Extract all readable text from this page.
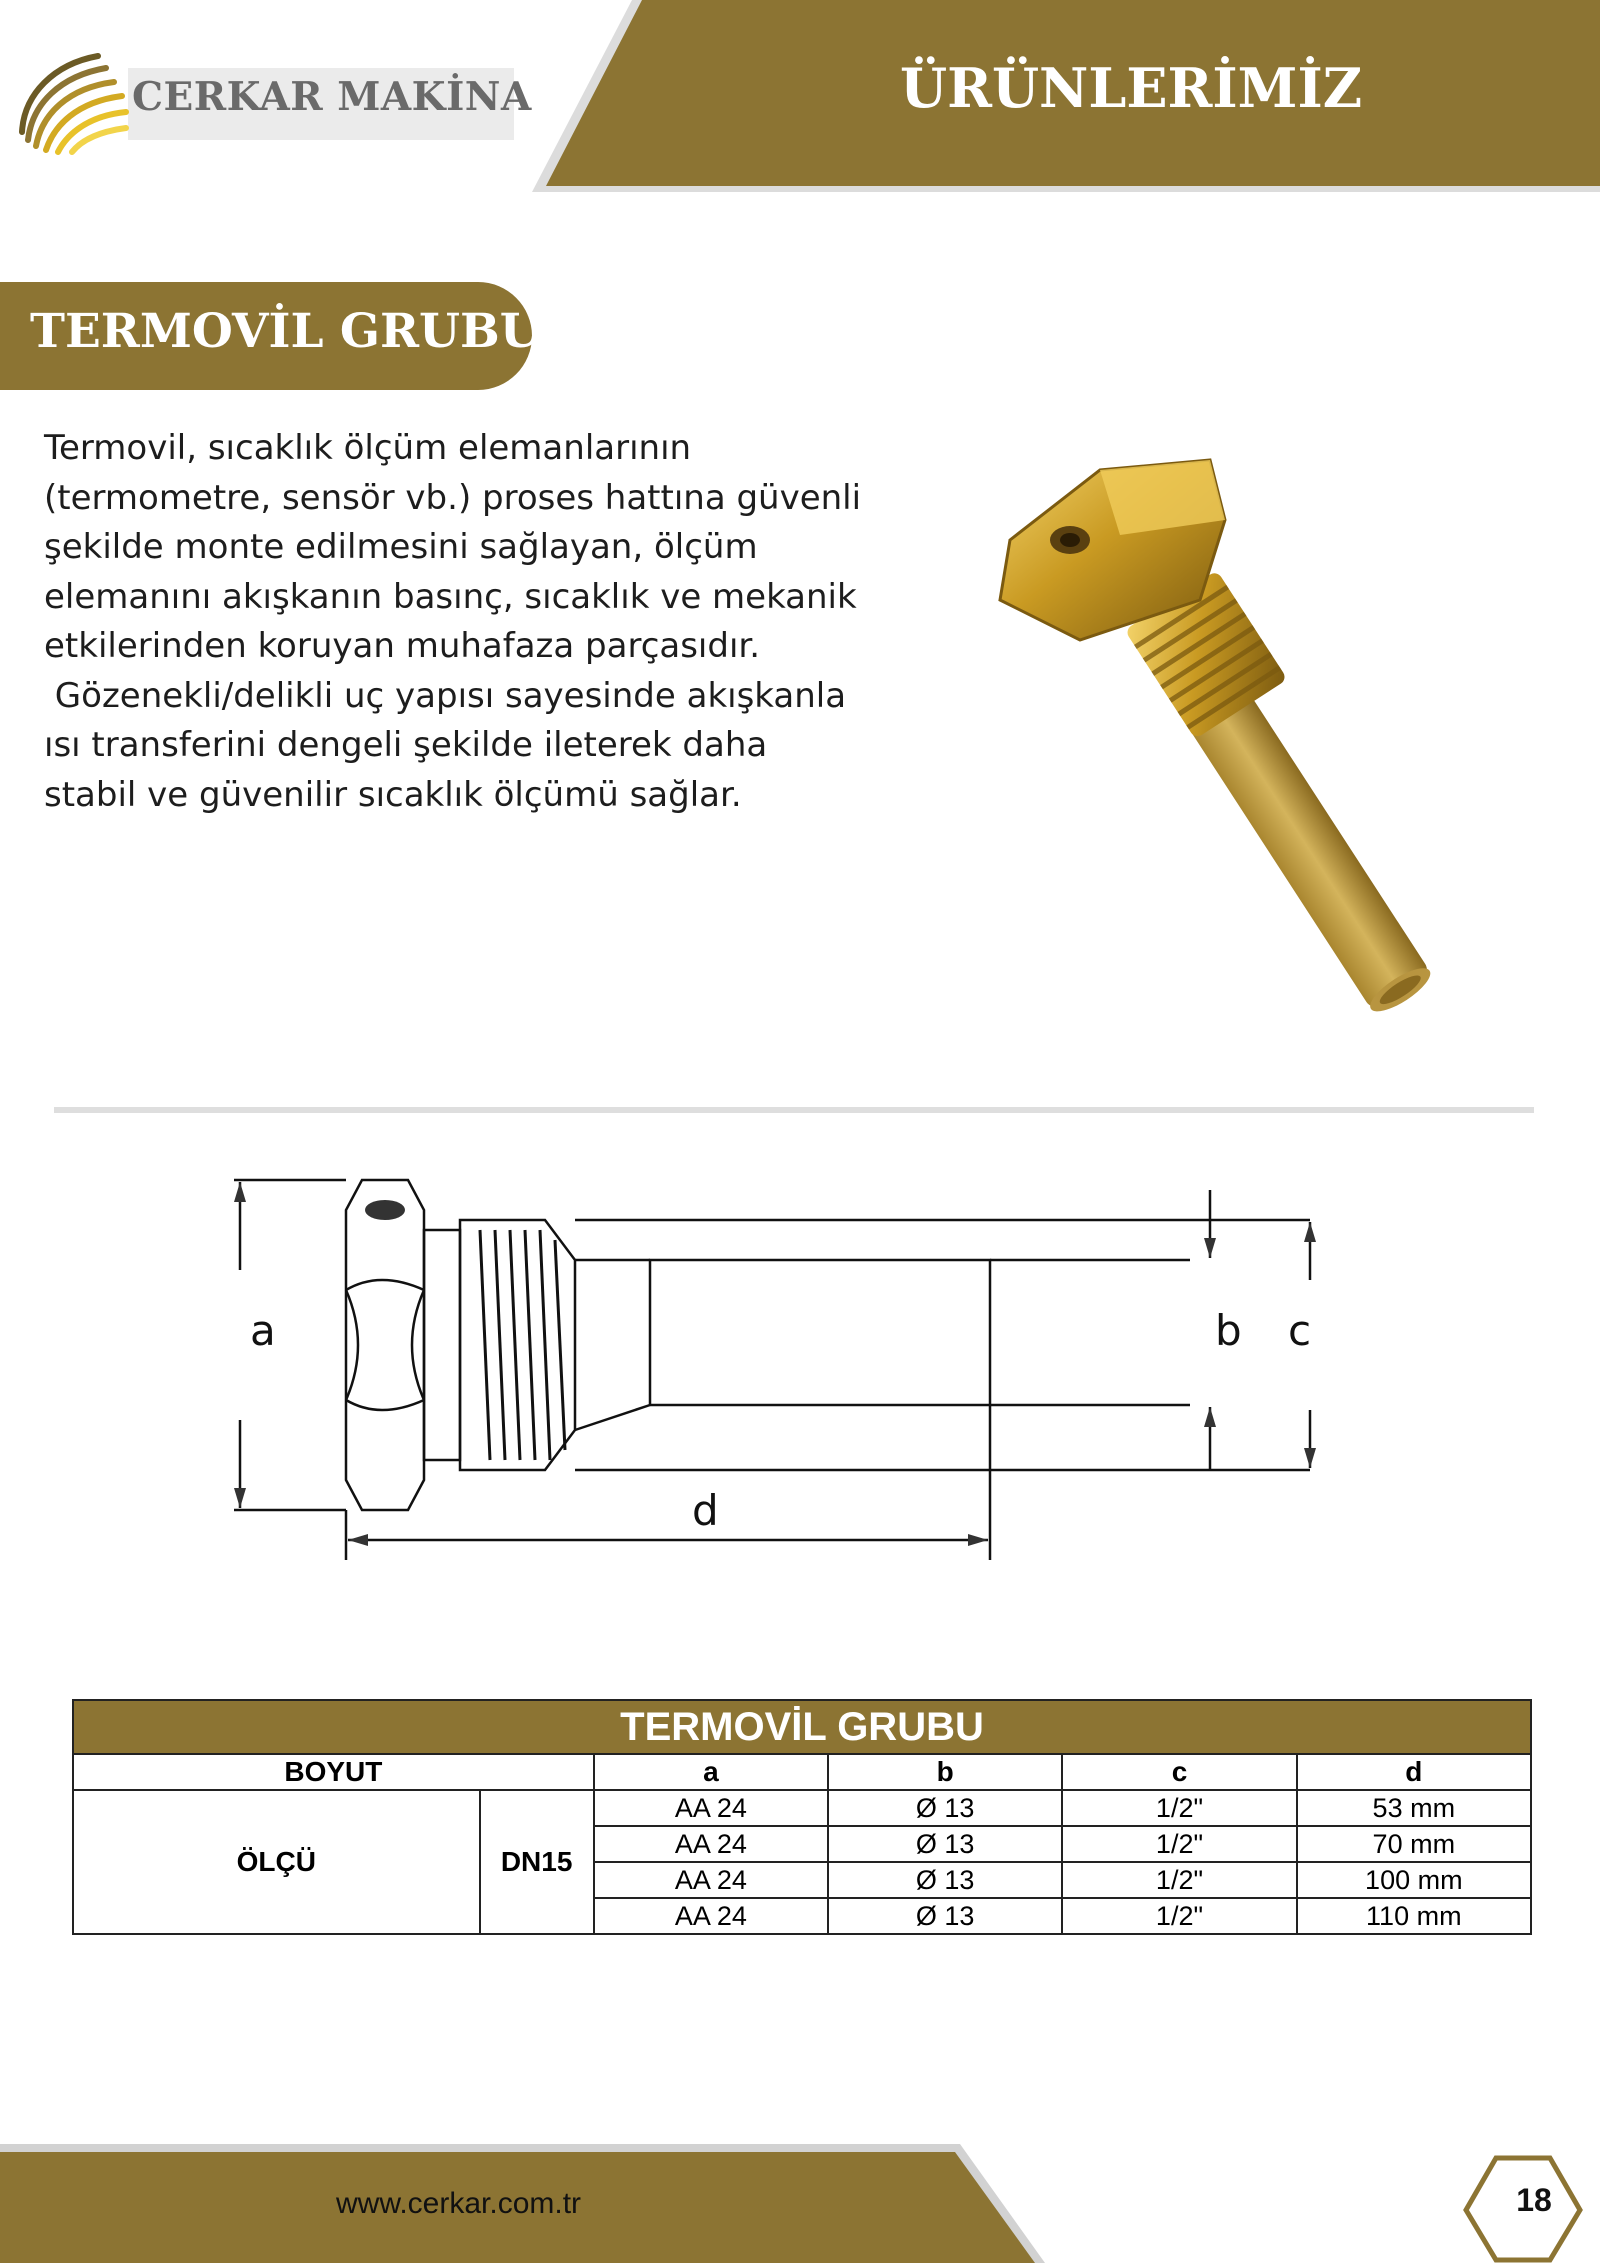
CERKAR MAKİNA	ÜRÜNLERİMİZ
TERMOVİL GRUBU
Termovil, sıcaklık ölçüm elemanlarının
(termometre, sensör vb.) proses hattına güvenli
şekilde monte edilmesini sağlayan, ölçüm
elemanını akışkanın basınç, sıcaklık ve mekanik
etkilerinden koruyan muhafaza parçasıdır.
Gözenekli/delikli uç yapısı sayesinde akışkanla
ısı transferini dengeli şekilde ileterek daha
stabil ve güvenilir sıcaklık ölçümü sağlar.
a	b c
d
TERMOVİL GRUBU					
BOYUT		a	b	c	d
ÖLÇÜ	DN15	AA 24	Ø 13	1/2"	53 mm
		AA 24	Ø 13	1/2"	70 mm
		AA 24	Ø 13	1/2"	100 mm
		AA 24	Ø 13	1/2"	110 mm
www.cerkar.com.tr	18
